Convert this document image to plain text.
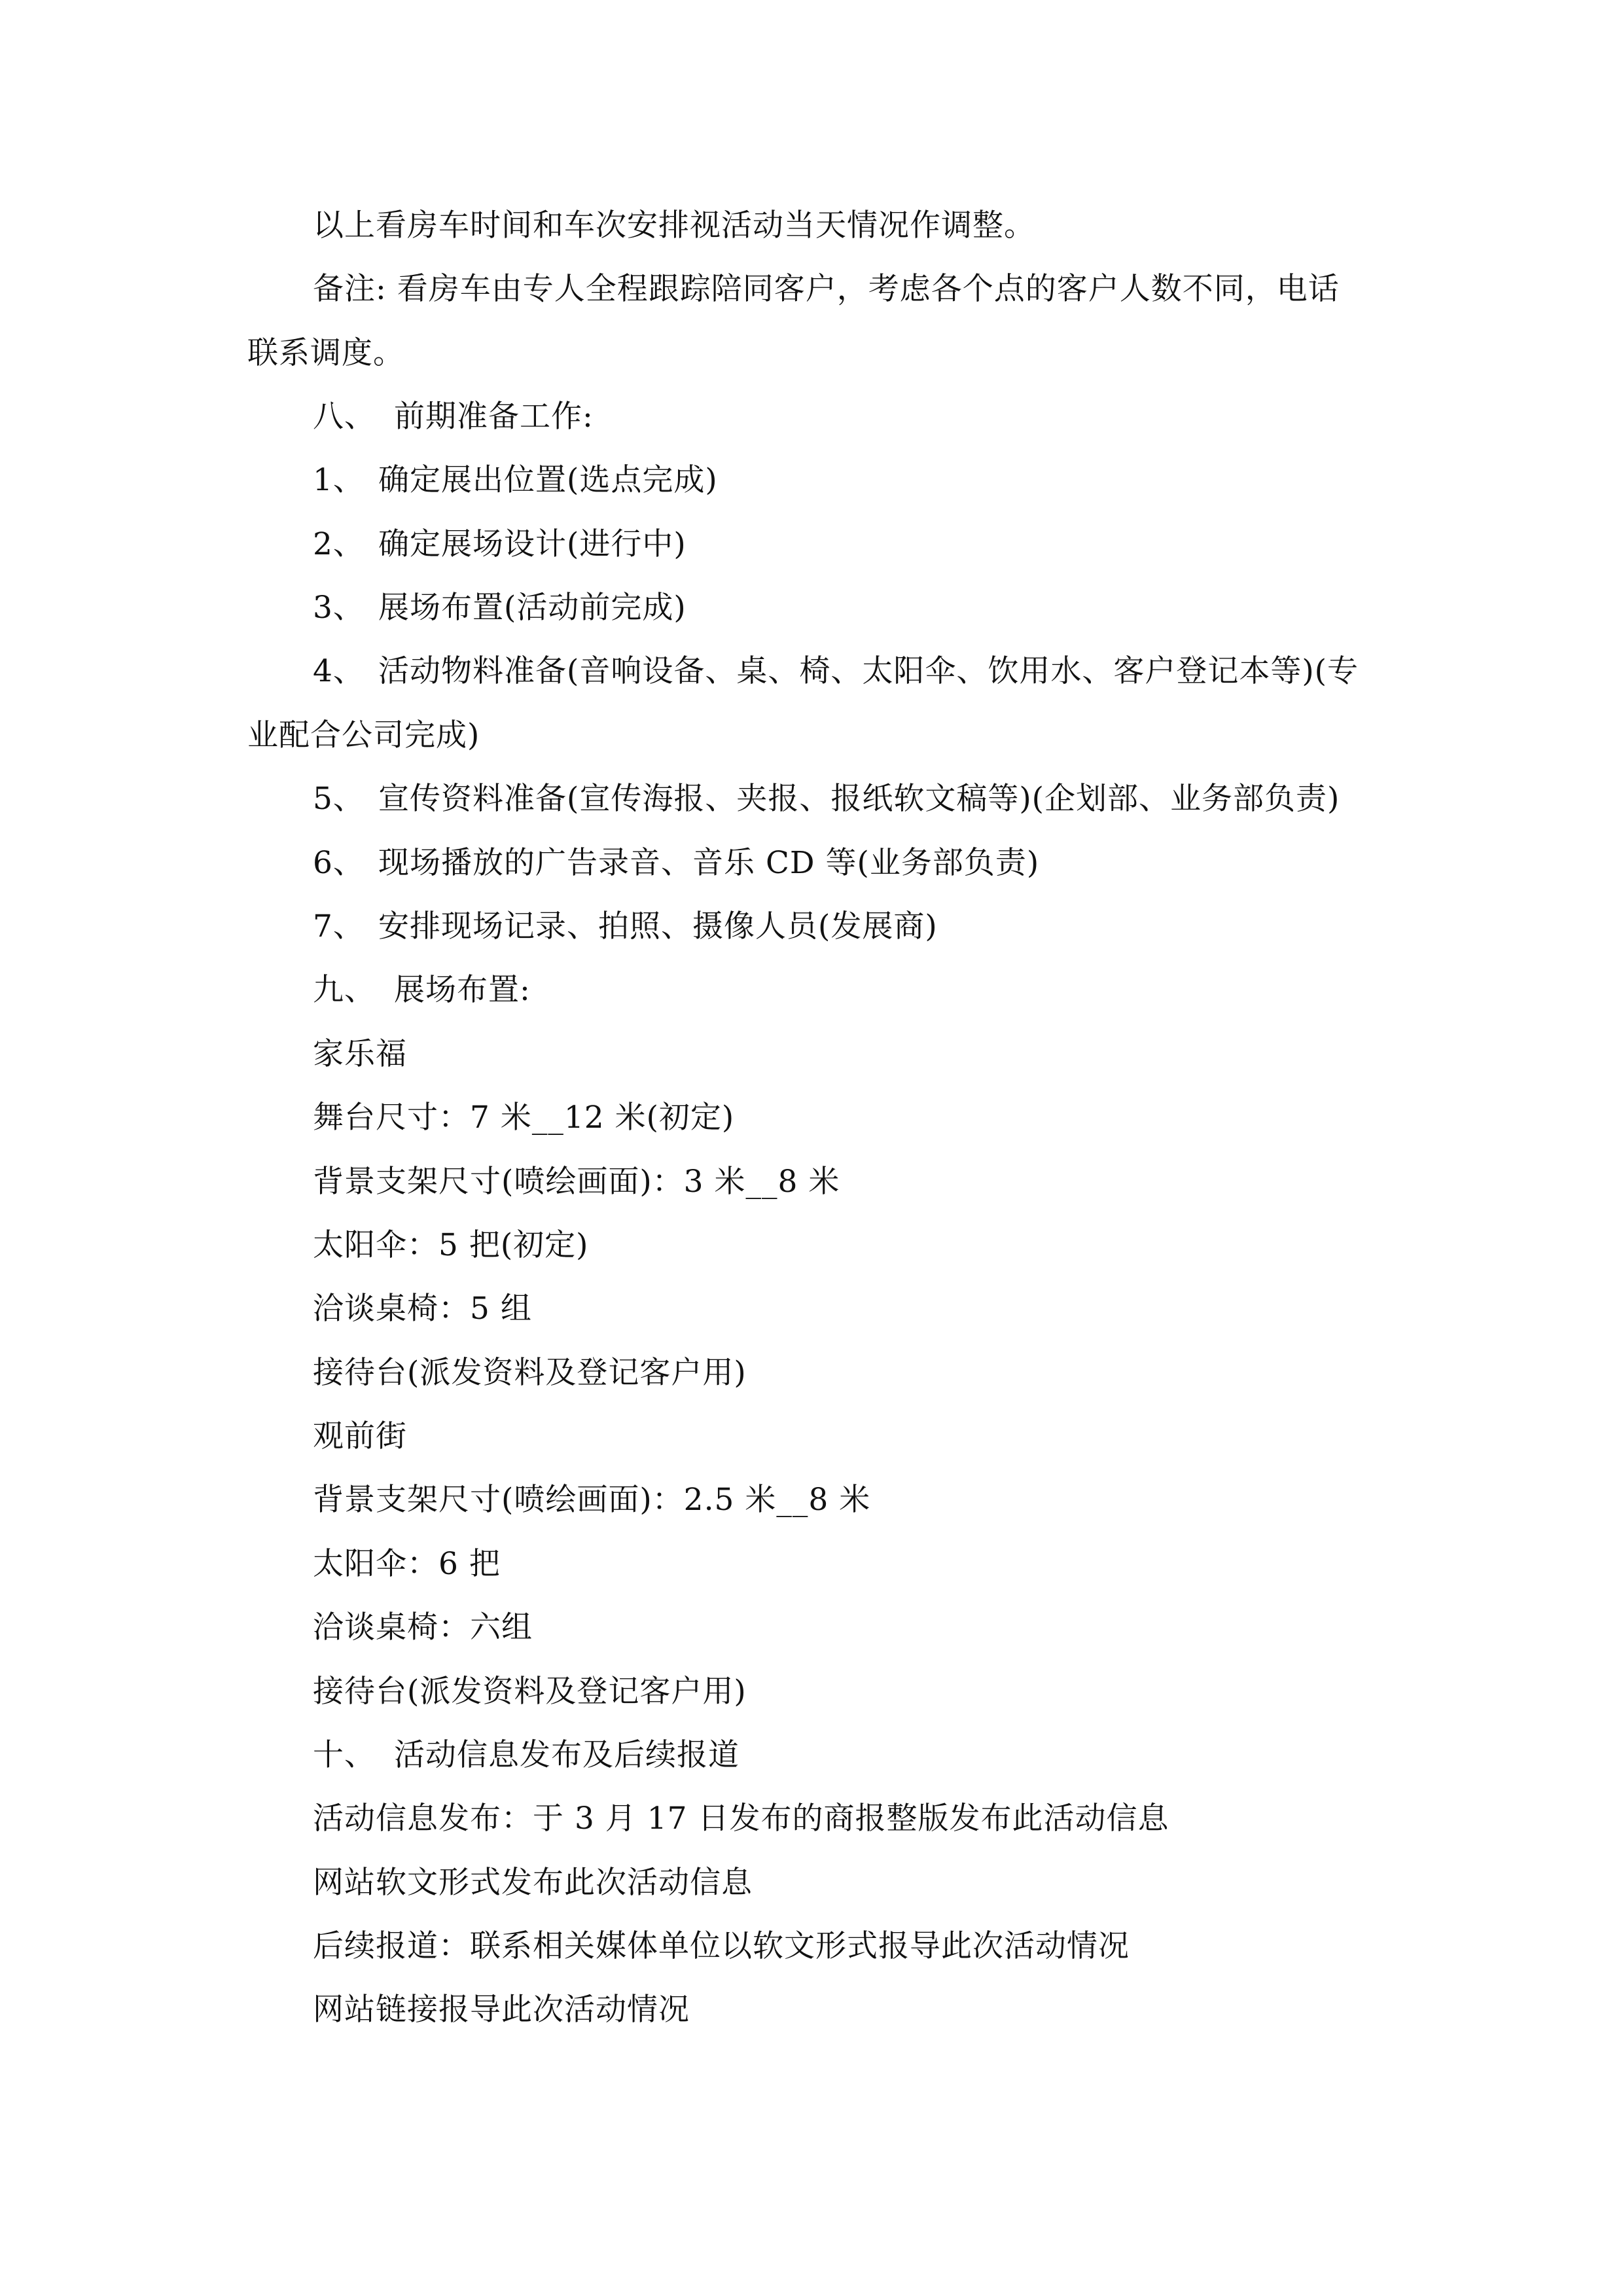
以上看房车时间和车次安排视活动当天情况作调整。
备注: 看房车由专人全程跟踪陪同客户，考虑各个点的客户人数不同，电话
联系调度。
八、 前期准备工作:
1、 确定展出位置(选点完成)
2、 确定展场设计(进行中)
3、 展场布置(活动前完成)
4、 活动物料准备(音响设备、桌、椅、太阳伞、饮用水、客户登记本等)(专
业配合公司完成)
5、 宣传资料准备(宣传海报、夹报、报纸软文稿等)(企划部、业务部负责)
6、 现场播放的广告录音、音乐 CD 等(业务部负责)
7、 安排现场记录、拍照、摄像人员(发展商)
九、 展场布置:
家乐福
舞台尺寸：7 米__12 米(初定)
背景支架尺寸(喷绘画面)：3 米__8 米
太阳伞：5 把(初定)
洽谈桌椅：5 组
接待台(派发资料及登记客户用)
观前街
背景支架尺寸(喷绘画面)：2.5 米__8 米
太阳伞：6 把
洽谈桌椅：六组
接待台(派发资料及登记客户用)
十、 活动信息发布及后续报道
活动信息发布：于 3 月 17 日发布的商报整版发布此活动信息
网站软文形式发布此次活动信息
后续报道：联系相关媒体单位以软文形式报导此次活动情况
网站链接报导此次活动情况
